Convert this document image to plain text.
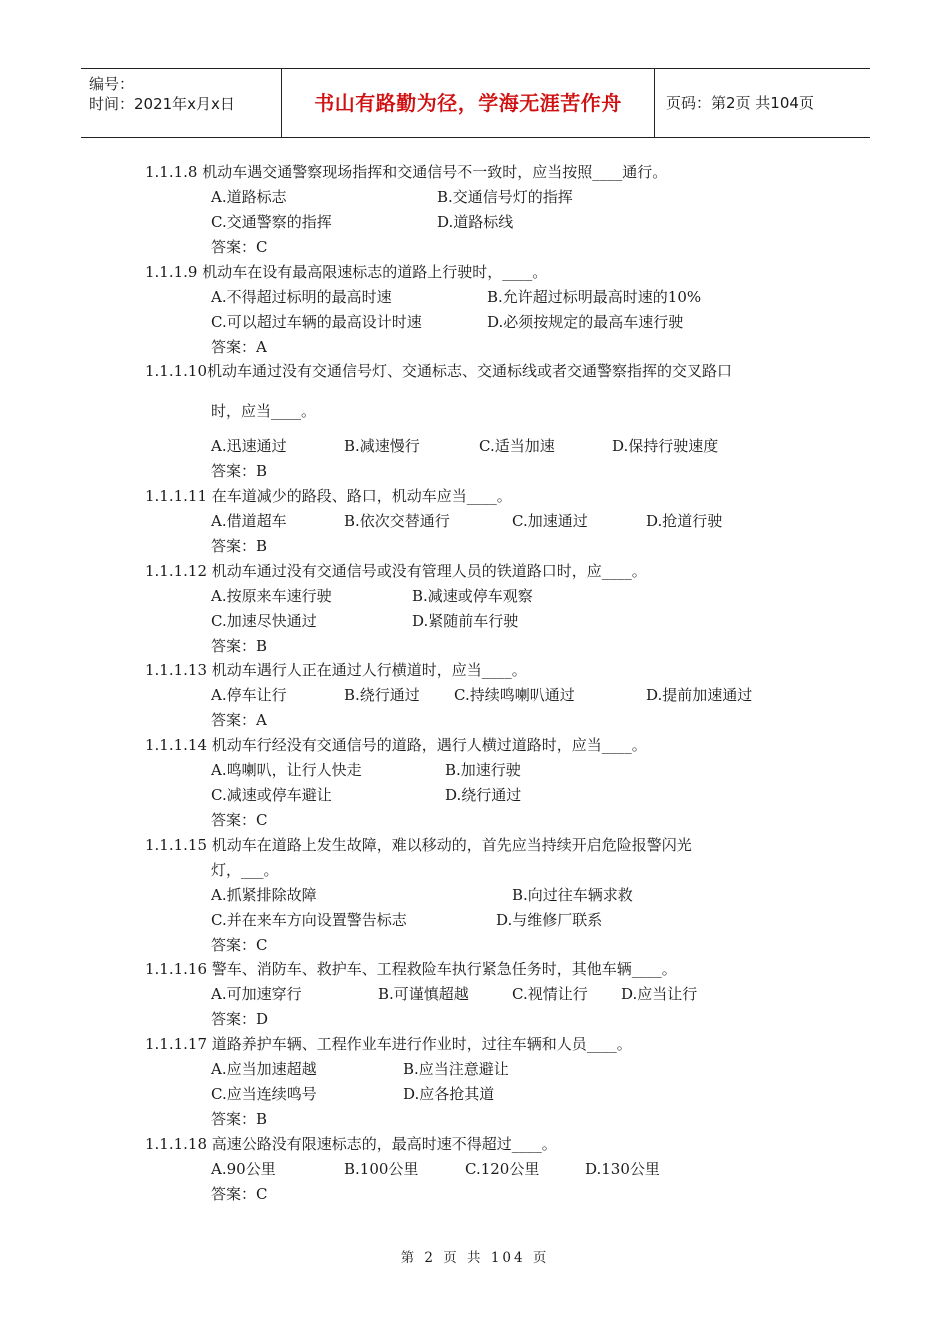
编号：
时间：2021年x月x日	书山有路勤为径，学海无涯苦作舟	页码：第2页 共104页
1.1.1.8 机动车遇交通警察现场指挥和交通信号不一致时，应当按照____通行。
A.道路标志	B.交通信号灯的指挥
C.交通警察的指挥	D.道路标线
答案：C
1.1.1.9 机动车在设有最高限速标志的道路上行驶时，____。
A.不得超过标明的最高时速	B.允许超过标明最高时速的10%
C.可以超过车辆的最高设计时速	D.必须按规定的最高车速行驶
答案：A
1.1.1.10机动车通过没有交通信号灯、交通标志、交通标线或者交通警察指挥的交叉路口
时，应当____。
A.迅速通过	B.减速慢行	C.适当加速	D.保持行驶速度
答案：B
1.1.1.11 在车道减少的路段、路口，机动车应当____。
A.借道超车	B.依次交替通行	C.加速通过	D.抢道行驶
答案：B
1.1.1.12 机动车通过没有交通信号或没有管理人员的铁道路口时，应____。
A.按原来车速行驶	B.减速或停车观察
C.加速尽快通过	D.紧随前车行驶
答案：B
1.1.1.13 机动车遇行人正在通过人行横道时，应当____。
A.停车让行	B.绕行通过 C.持续鸣喇叭通过	D.提前加速通过
答案：A
1.1.1.14 机动车行经没有交通信号的道路，遇行人横过道路时，应当____。
A.鸣喇叭，让行人快走	B.加速行驶
C.减速或停车避让	D.绕行通过
答案：C
1.1.1.15 机动车在道路上发生故障，难以移动的，首先应当持续开启危险报警闪光
灯，___。
A.抓紧排除故障	B.向过往车辆求救
C.并在来车方向设置警告标志	D.与维修厂联系
答案：C
1.1.1.16 警车、消防车、救护车、工程救险车执行紧急任务时，其他车辆____。
A.可加速穿行	B.可谨慎超越	C.视情让行 D.应当让行
答案：D
1.1.1.17 道路养护车辆、工程作业车进行作业时，过往车辆和人员____。
A.应当加速超越	B.应当注意避让
C.应当连续鸣号	D.应各抢其道
答案：B
1.1.1.18 高速公路没有限速标志的，最高时速不得超过____。
A.90公里	B.100公里	C.120公里	D.130公里
答案：C
第 2 页 共 104 页
